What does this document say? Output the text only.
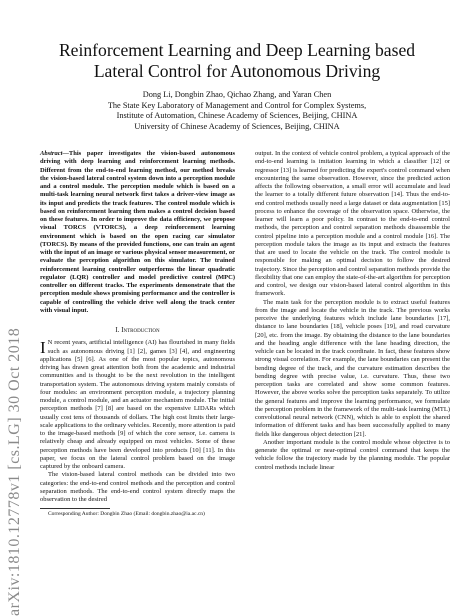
Reinforcement Learning and Deep Learning based
Lateral Control for Autonomous Driving
Dong Li, Dongbin Zhao, Qichao Zhang, and Yaran Chen
The State Key Laboratory of Management and Control for Complex Systems,
Institute of Automation, Chinese Academy of Sciences, Beijing, CHINA
University of Chinese Academy of Sciences, Beijing, CHINA
arXiv:1810.12778v1 [cs.LG] 30 Oct 2018

Abstract—This paper investigates the vision-based autonomous driving with deep learning and reinforcement learning methods. Different from the end-to-end learning method, our method breaks the vision-based lateral control system down into a perception module and a control module. The perception module which is based on a multi-task learning neural network first takes a driver-view image as its input and predicts the track features. The control module which is based on reinforcement learning then makes a control decision based on these features. In order to improve the data efficiency, we propose visual TORCS (VTORCS), a deep reinforcement learning environment which is based on the open racing car simulator (TORCS). By means of the provided functions, one can train an agent with the input of an image or various physical sensor measurement, or evaluate the perception algorithm on this simulator. The trained reinforcement learning controller outperforms the linear quadratic regulator (LQR) controller and model predictive control (MPC) controller on different tracks. The experiments demonstrate that the perception module shows promising performance and the controller is capable of controlling the vehicle drive well along the track center with visual input.

I. Introduction

I N recent years, artificial intelligence (AI) has flourished in many fields such as autonomous driving [1] [2], games [3] [4], and engineering applications [5] [6]. As one of the most popular topics, autonomous driving has drawn great attention both from the academic and industrial communities and is thought to be the next revolution in the intelligent transportation system. The autonomous driving system mainly consists of four modules: an environment perception module, a trajectory planning module, a control module, and an actuator mechanism module. The initial perception methods [7] [8] are based on the expensive LIDARs which usually cost tens of thousands of dollars. The high cost limits their large-scale applications to the ordinary vehicles. Recently, more attention is paid to the image-based methods [9] of which the core sensor, i.e. camera is relatively cheap and already equipped on most vehicles. Some of these perception methods have been developed into products [10] [11]. In this paper, we focus on the lateral control problem based on the image captured by the onboard camera.

The vision-based lateral control methods can be divided into two categories: the end-to-end control methods and the perception and control separation methods. The end-to-end control system directly maps the observation to the desired

Corresponding Author: Dongbin Zhao (Email: dongbin.zhao@ia.ac.cn)

output. In the context of vehicle control problem, a typical approach of the end-to-end learning is imitation learning in which a classifier [12] or regressor [13] is learned for predicting the expert's control command when encountering the same observation. However, since the predicted action affects the following observation, a small error will accumulate and lead the learner to a totally different future observation [14]. Thus the end-to-end control methods usually need a large dataset or data augmentation [15] process to enhance the coverage of the observation space. Otherwise, the learner will learn a poor policy. In contrast to the end-to-end control methods, the perception and control separation methods disassemble the control pipeline into a perception module and a control module [16]. The perception module takes the image as its input and extracts the features that are used to locate the vehicle on the track. The control module is responsible for making an optimal decision to follow the desired trajectory. Since the perception and control separation methods provide the flexibility that one can employ the state-of-the-art algorithm for perception and control, we design our vision-based lateral control algorithm in this framework.

The main task for the perception module is to extract useful features from the image and locate the vehicle in the track. The previous works perceive the underlying features which include lane boundaries [17], distance to lane boundaries [18], vehicle poses [19], and road curvature [20], etc. from the image. By obtaining the distance to the lane boundaries and the heading angle difference with the lane heading direction, the vehicle can be located in the track coordinate. In fact, these features show strong visual correlation. For example, the lane boundaries can present the bending degree of the track, and the curvature estimation describes the bending degree with precise value, i.e. curvature. Thus, these two perception tasks are correlated and show some common features. However, the above works solve the perception tasks separately. To utilize the general features and improve the learning performance, we formulate the perception problem in the framework of the multi-task learning (MTL) convolutional neural network (CNN), which is able to exploit the shared information of different tasks and has been successfully applied to many fields like dangerous object detection [21].

Another important module is the control module whose objective is to generate the optimal or near-optimal control command that keeps the vehicle follow the trajectory made by the planning module. The popular control methods include linear
